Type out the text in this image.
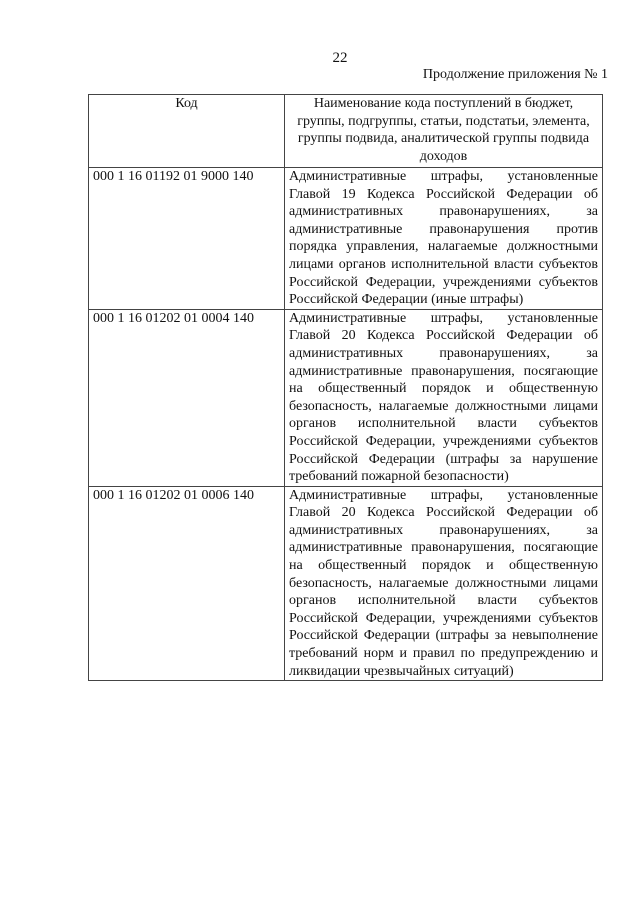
22
Продолжение приложения № 1
Код	Наименование кода поступлений в бюджет, группы, подгруппы, статьи, подстатьи, элемента, группы подвида, аналитической группы подвида доходов
000 1 16 01192 01 9000 140	Административные штрафы, установленные Главой 19 Кодекса Российской Федерации об административных правонарушениях, за административные правонарушения против порядка управления, налагаемые должностными лицами органов исполнительной власти субъектов Российской Федерации, учреждениями субъектов Российской Федерации (иные штрафы)
000 1 16 01202 01 0004 140	Административные штрафы, установленные Главой 20 Кодекса Российской Федерации об административных правонарушениях, за административные правонарушения, посягающие на общественный порядок и общественную безопасность, налагаемые должностными лицами органов исполнительной власти субъектов Российской Федерации, учреждениями субъектов Российской Федерации (штрафы за нарушение требований пожарной безопасности)
000 1 16 01202 01 0006 140	Административные штрафы, установленные Главой 20 Кодекса Российской Федерации об административных правонарушениях, за административные правонарушения, посягающие на общественный порядок и общественную безопасность, налагаемые должностными лицами органов исполнительной власти субъектов Российской Федерации, учреждениями субъектов Российской Федерации (штрафы за невыполнение требований норм и правил по предупреждению и ликвидации чрезвычайных ситуаций)
